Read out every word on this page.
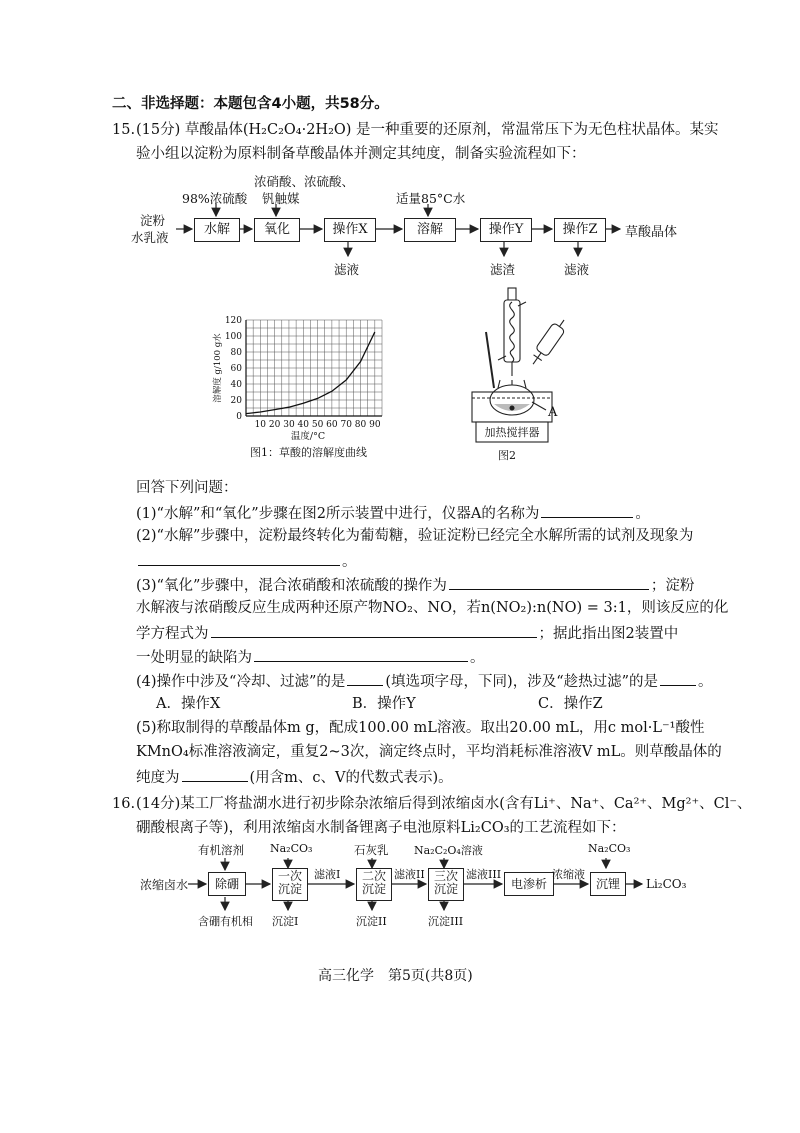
二、非选择题：本题包含4小题，共58分。
15. (15分) 草酸晶体(H₂C₂O₄·2H₂O) 是一种重要的还原剂，常温常压下为无色柱状晶体。某实
验小组以淀粉为原料制备草酸晶体并测定其纯度，制备实验流程如下：
淀粉
水乳液
水解	氧化	操作X	溶解	操作Y	操作Z
98%浓硫酸
浓硝酸、浓硫酸、
钒触媒	适量85°C水
滤液	滤渣	滤液
草酸晶体
10 20 30 40 50 60 70 80 90
0
20
40
60
80
100
120
温度/°C
溶解度 g/100 g水
图1：草酸的溶解度曲线
A
加热搅拌器
图2
回答下列问题：
(1)“水解”和“氧化”步骤在图2所示装置中进行，仪器A的名称为	。
(2)“水解”步骤中，淀粉最终转化为葡萄糖，验证淀粉已经完全水解所需的试剂及现象为
。
(3)“氧化”步骤中，混合浓硝酸和浓硫酸的操作为	；淀粉
水解液与浓硝酸反应生成两种还原产物NO₂、NO，若n(NO₂):n(NO) = 3:1，则该反应的化
学方程式为	；据此指出图2装置中
一处明显的缺陷为	。
(4)操作中涉及“冷却、过滤”的是	(填选项字母，下同)，涉及“趁热过滤”的是	。
A．操作X	B．操作Y	C．操作Z
(5)称取制得的草酸晶体m g，配成100.00 mL溶液。取出20.00 mL，用c mol·L⁻¹酸性
KMnO₄标准溶液滴定，重复2~3次，滴定终点时，平均消耗标准溶液V mL。则草酸晶体的
纯度为	(用含m、c、V的代数式表示)。
16. (14分)某工厂将盐湖水进行初步除杂浓缩后得到浓缩卤水(含有Li⁺、Na⁺、Ca²⁺、Mg²⁺、Cl⁻、
硼酸根离子等)，利用浓缩卤水制备锂离子电池原料Li₂CO₃的工艺流程如下：
浓缩卤水	除硼
一次沉淀
二次沉淀
三次沉淀	电渗析	沉锂
有机溶剂 Na₂CO₃	石灰乳 Na₂C₂O₄溶液	Na₂CO₃
滤液I	滤液II	滤液III	浓缩液
含硼有机相 沉淀I	沉淀II	沉淀III
Li₂CO₃
高三化学　第5页(共8页)
